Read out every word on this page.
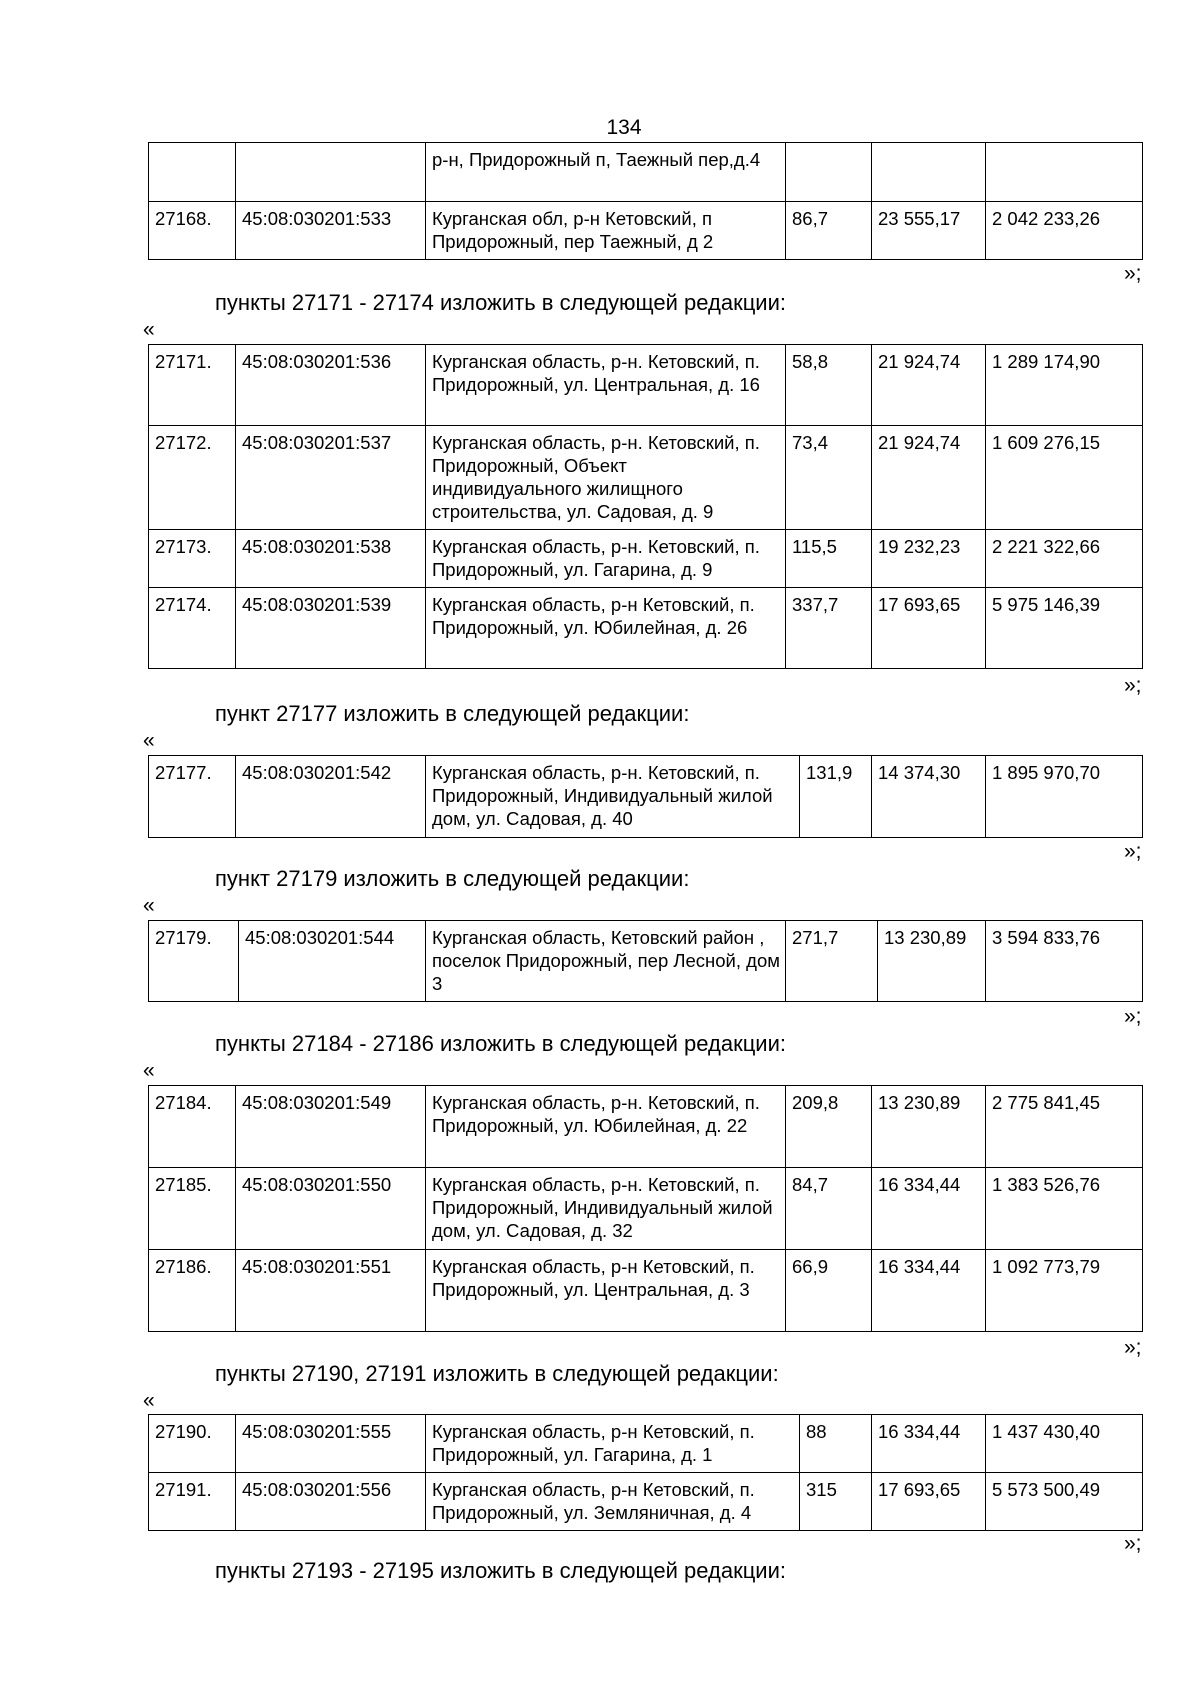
134
		р-н, Придорожный п, Таежный пер,д.4			
27168.	45:08:030201:533	Курганская обл, р-н Кетовский, п Придорожный, пер Таежный, д 2	86,7	23 555,17	2 042 233,26
»;
пункты 27171 - 27174 изложить в следующей редакции:
«
27171.	45:08:030201:536	Курганская область, р-н. Кетовский, п. Придорожный, ул. Центральная, д. 16	58,8	21 924,74	1 289 174,90
27172.	45:08:030201:537	Курганская область, р-н. Кетовский, п. Придорожный, Объект индивидуального жилищного строительства, ул. Садовая, д. 9	73,4	21 924,74	1 609 276,15
27173.	45:08:030201:538	Курганская область, р-н. Кетовский, п. Придорожный, ул. Гагарина, д. 9	115,5	19 232,23	2 221 322,66
27174.	45:08:030201:539	Курганская область, р-н Кетовский, п. Придорожный, ул. Юбилейная, д. 26	337,7	17 693,65	5 975 146,39
»;
пункт 27177 изложить в следующей редакции:
«
27177.	45:08:030201:542	Курганская область, р-н. Кетовский, п. Придорожный, Индивидуальный жилой дом, ул. Садовая, д. 40	131,9	14 374,30	1 895 970,70
»;
пункт 27179 изложить в следующей редакции:
«
27179.	45:08:030201:544	Курганская область, Кетовский район , поселок Придорожный, пер Лесной, дом 3	271,7	13 230,89	3 594 833,76
»;
пункты 27184 - 27186 изложить в следующей редакции:
«
27184.	45:08:030201:549	Курганская область, р-н. Кетовский, п. Придорожный, ул. Юбилейная, д. 22	209,8	13 230,89	2 775 841,45
27185.	45:08:030201:550	Курганская область, р-н. Кетовский, п. Придорожный, Индивидуальный жилой дом, ул. Садовая, д. 32	84,7	16 334,44	1 383 526,76
27186.	45:08:030201:551	Курганская область, р-н Кетовский, п. Придорожный, ул. Центральная, д. 3	66,9	16 334,44	1 092 773,79
»;
пункты 27190, 27191 изложить в следующей редакции:
«
27190.	45:08:030201:555	Курганская область, р-н Кетовский, п. Придорожный, ул. Гагарина, д. 1	88	16 334,44	1 437 430,40
27191.	45:08:030201:556	Курганская область, р-н Кетовский, п. Придорожный, ул. Земляничная, д. 4	315	17 693,65	5 573 500,49
»;
пункты 27193 - 27195 изложить в следующей редакции:
